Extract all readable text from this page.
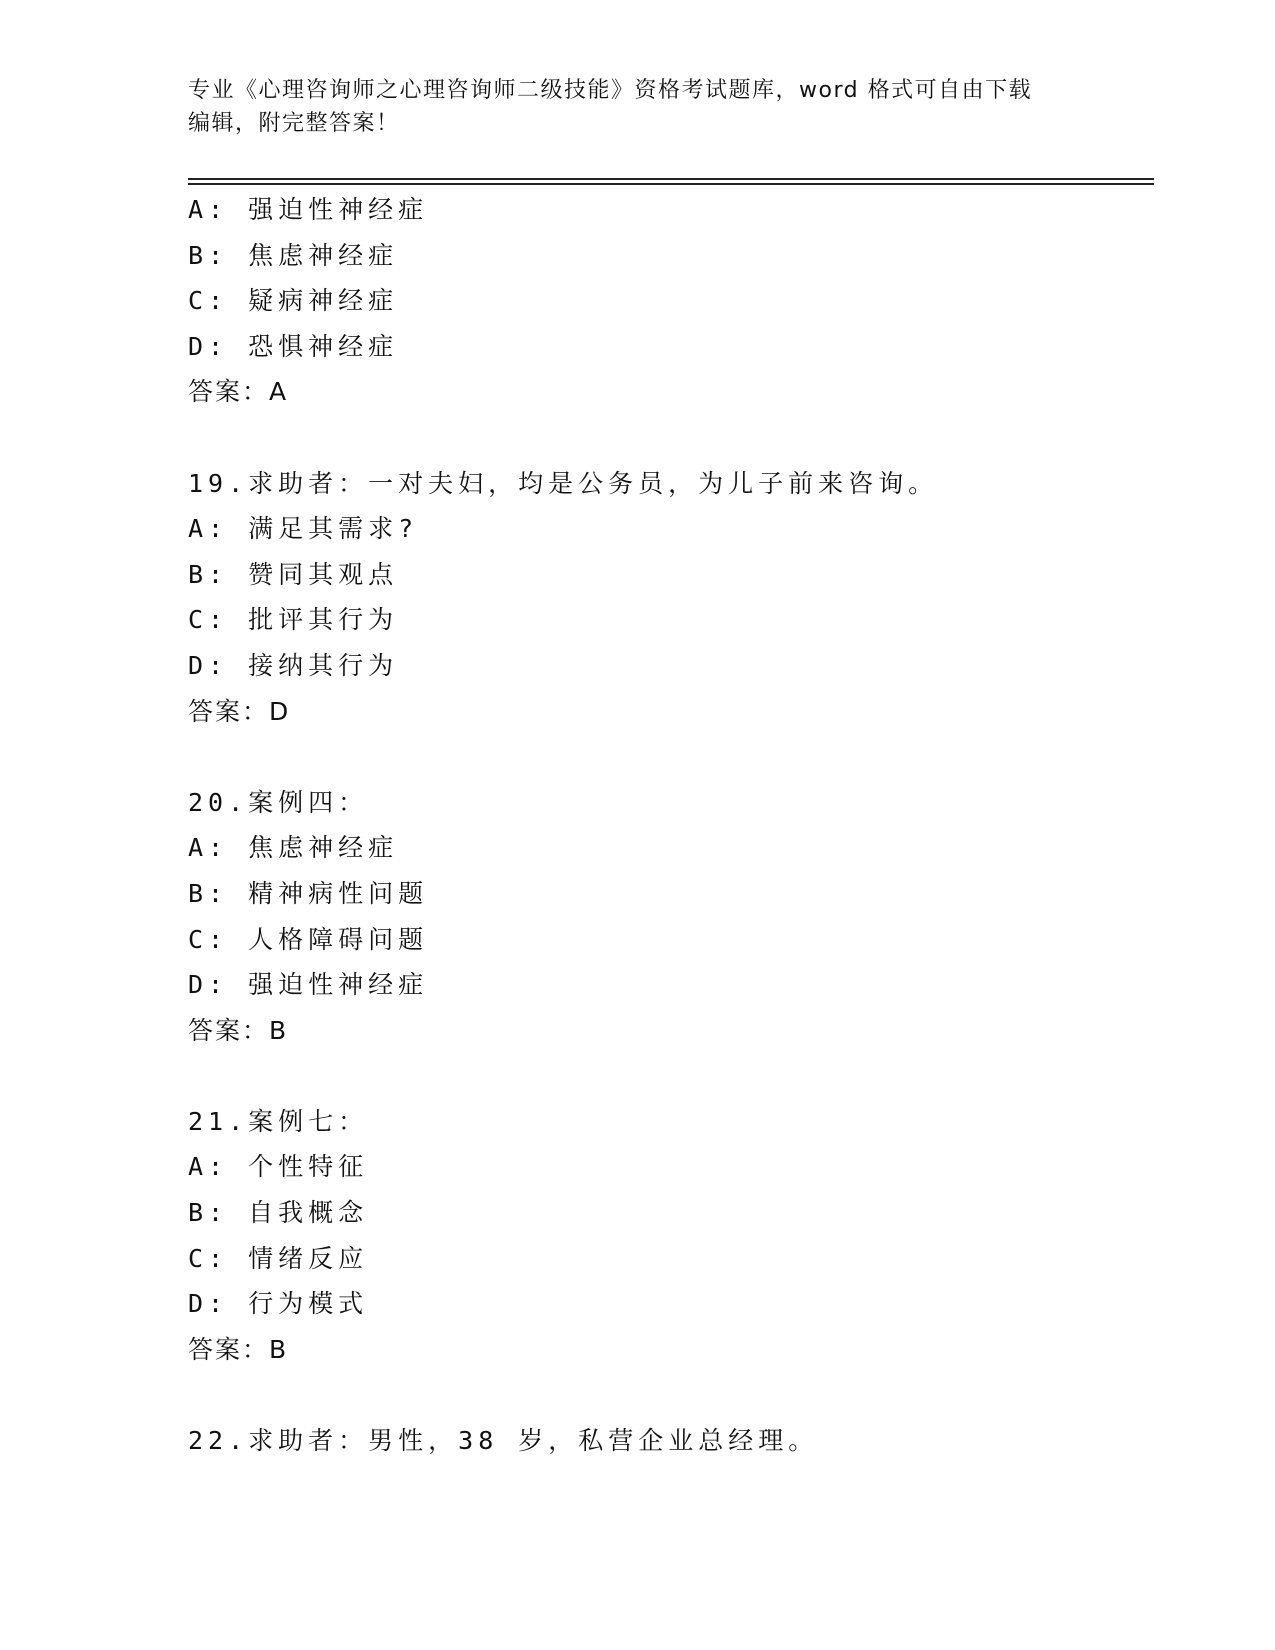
专业《心理咨询师之心理咨询师二级技能》资格考试题库，word 格式可自由下载
编辑，附完整答案！
A: 强迫性神经症
B: 焦虑神经症
C: 疑病神经症
D: 恐惧神经症
答案：A
19.求助者：一对夫妇，均是公务员，为儿子前来咨询。
A: 满足其需求?
B: 赞同其观点
C: 批评其行为
D: 接纳其行为
答案：D
20.案例四：
A: 焦虑神经症
B: 精神病性问题
C: 人格障碍问题
D: 强迫性神经症
答案：B
21.案例七：
A: 个性特征
B: 自我概念
C: 情绪反应
D: 行为模式
答案：B
22.求助者：男性，38 岁，私营企业总经理。
